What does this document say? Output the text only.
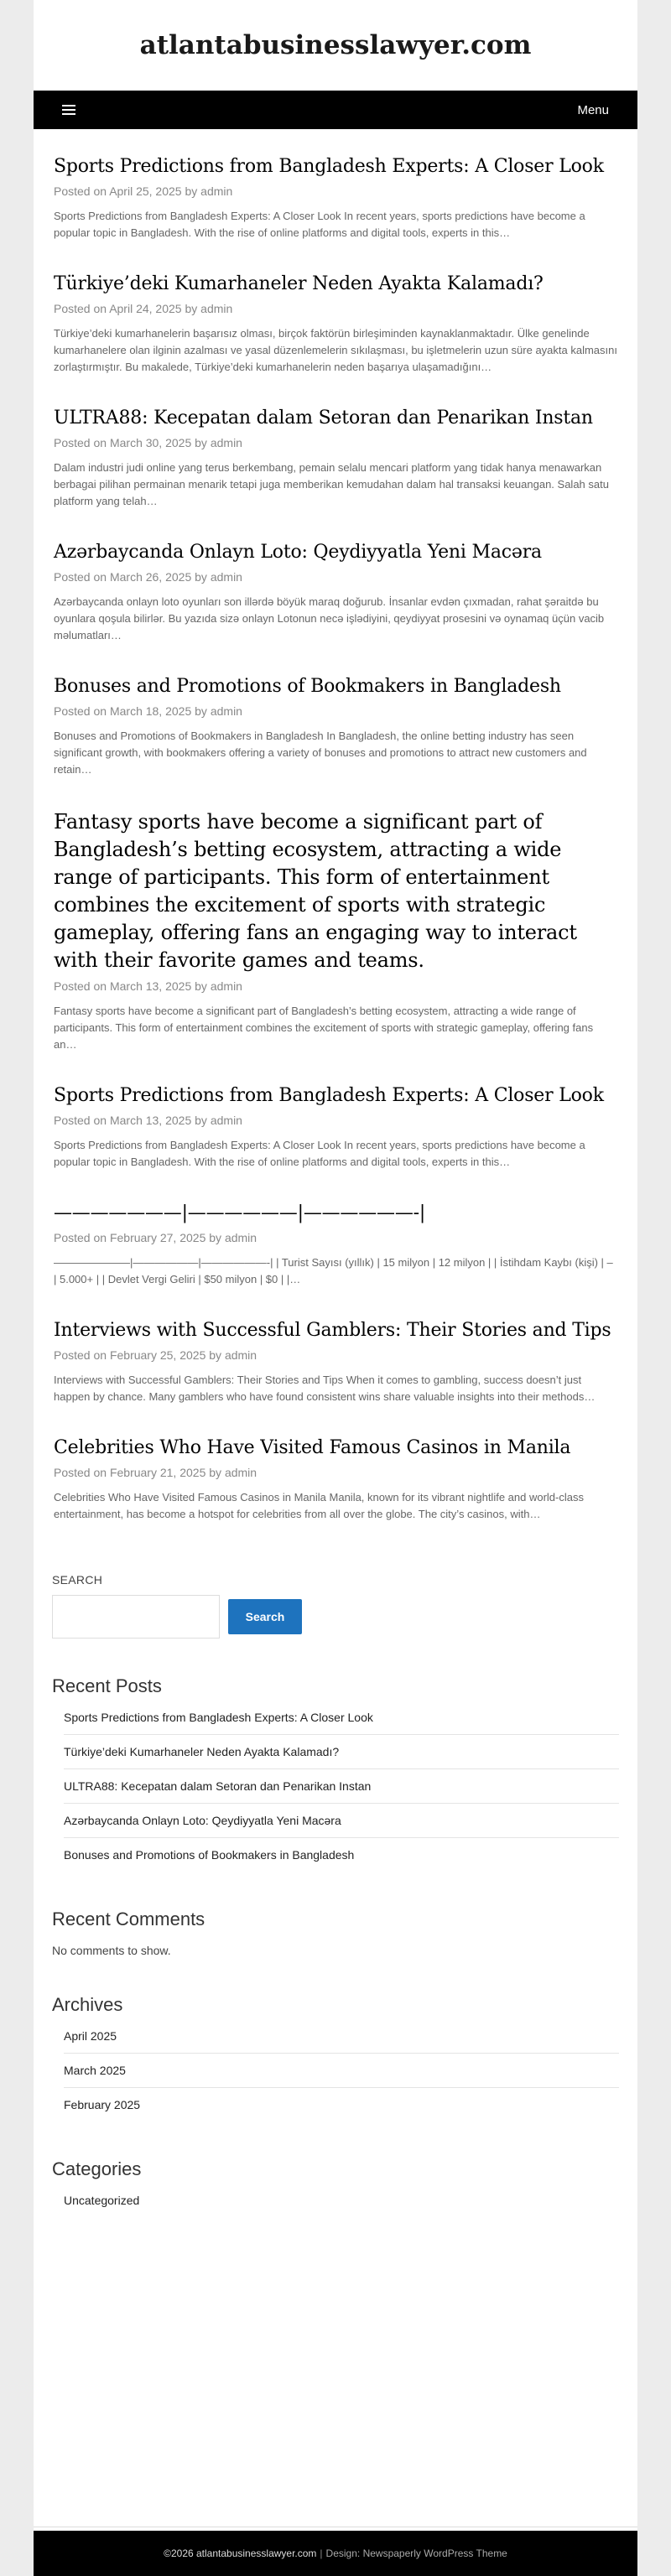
atlantabusinesslawyer.com
Menu
Sports Predictions from Bangladesh Experts: A Closer Look
Posted on April 25, 2025 by admin

Sports Predictions from Bangladesh Experts: A Closer Look In recent years, sports predictions have become a popular topic in Bangladesh. With the rise of online platforms and digital tools, experts in this…

Türkiye’deki Kumarhaneler Neden Ayakta Kalamadı?
Posted on April 24, 2025 by admin

Türkiye’deki kumarhanelerin başarısız olması, birçok faktörün birleşiminden kaynaklanmaktadır. Ülke genelinde kumarhanelere olan ilginin azalması ve yasal düzenlemelerin sıkılaşması, bu işletmelerin uzun süre ayakta kalmasını zorlaştırmıştır. Bu makalede, Türkiye’deki kumarhanelerin neden başarıya ulaşamadığını…

ULTRA88: Kecepatan dalam Setoran dan Penarikan Instan
Posted on March 30, 2025 by admin

Dalam industri judi online yang terus berkembang, pemain selalu mencari platform yang tidak hanya menawarkan berbagai pilihan permainan menarik tetapi juga memberikan kemudahan dalam hal transaksi keuangan. Salah satu platform yang telah…

Azərbaycanda Onlayn Loto: Qeydiyyatla Yeni Macəra
Posted on March 26, 2025 by admin

Azərbaycanda onlayn loto oyunları son illərdə böyük maraq doğurub. İnsanlar evdən çıxmadan, rahat şəraitdə bu oyunlara qoşula bilirlər. Bu yazıda sizə onlayn Lotonun necə işlədiyini, qeydiyyat prosesini və oynamaq üçün vacib məlumatları…

Bonuses and Promotions of Bookmakers in Bangladesh
Posted on March 18, 2025 by admin

Bonuses and Promotions of Bookmakers in Bangladesh In Bangladesh, the online betting industry has seen significant growth, with bookmakers offering a variety of bonuses and promotions to attract new customers and retain…

Fantasy sports have become a significant part of Bangladesh’s betting ecosystem, attracting a wide range of participants. This form of entertainment combines the excitement of sports with strategic gameplay, offering fans an engaging way to interact with their favorite games and teams.
Posted on March 13, 2025 by admin

Fantasy sports have become a significant part of Bangladesh’s betting ecosystem, attracting a wide range of participants. This form of entertainment combines the excitement of sports with strategic gameplay, offering fans an…

Sports Predictions from Bangladesh Experts: A Closer Look
Posted on March 13, 2025 by admin

Sports Predictions from Bangladesh Experts: A Closer Look In recent years, sports predictions have become a popular topic in Bangladesh. With the rise of online platforms and digital tools, experts in this…

———————|——————|——————-|
Posted on February 27, 2025 by admin

———————|——————|——————-| | Turist Sayısı (yıllık) | 15 milyon | 12 milyon | | İstihdam Kaybı (kişi) | – | 5.000+ | | Devlet Vergi Geliri | $50 milyon | $0 | |…

Interviews with Successful Gamblers: Their Stories and Tips
Posted on February 25, 2025 by admin

Interviews with Successful Gamblers: Their Stories and Tips When it comes to gambling, success doesn’t just happen by chance. Many gamblers who have found consistent wins share valuable insights into their methods…

Celebrities Who Have Visited Famous Casinos in Manila
Posted on February 21, 2025 by admin

Celebrities Who Have Visited Famous Casinos in Manila Manila, known for its vibrant nightlife and world-class entertainment, has become a hotspot for celebrities from all over the globe. The city’s casinos, with…

SEARCH
Search
Recent Posts
Sports Predictions from Bangladesh Experts: A Closer Look
Türkiye’deki Kumarhaneler Neden Ayakta Kalamadı?
ULTRA88: Kecepatan dalam Setoran dan Penarikan Instan
Azərbaycanda Onlayn Loto: Qeydiyyatla Yeni Macəra
Bonuses and Promotions of Bookmakers in Bangladesh
Recent Comments

No comments to show.

Archives
April 2025
March 2025
February 2025
Categories
Uncategorized
©2026 atlantabusinesslawyer.com | Design: Newspaperly WordPress Theme
